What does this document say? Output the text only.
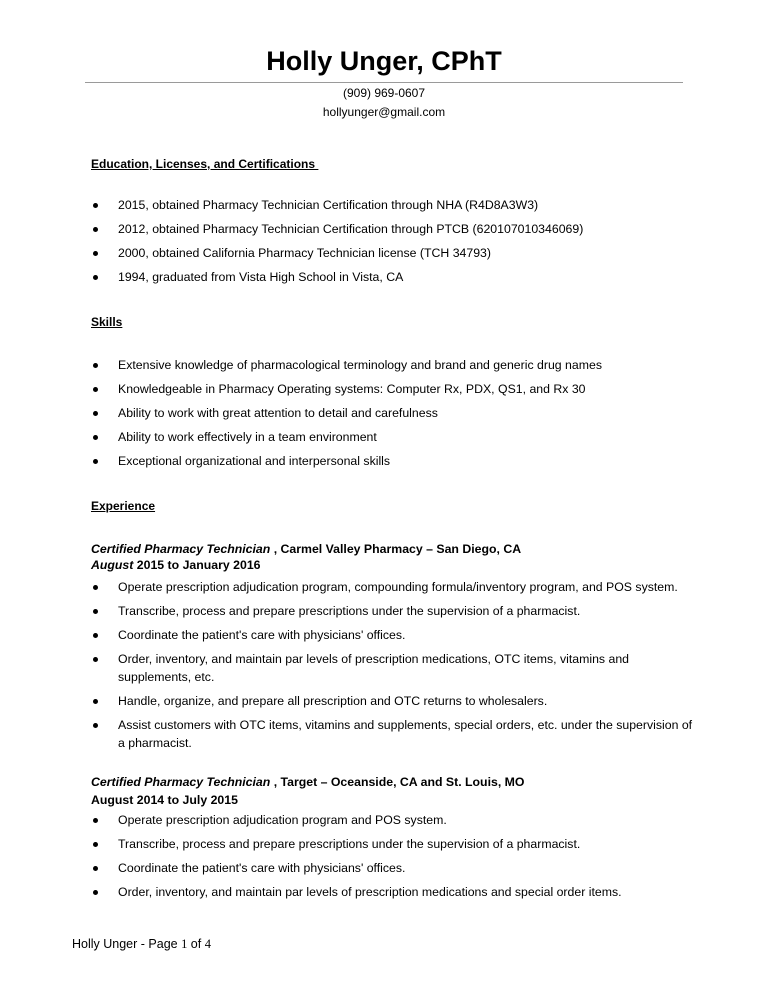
Holly Unger, CPhT
(909) 969-0607
hollyunger@gmail.com
Education, Licenses, and Certifications
2015, obtained Pharmacy Technician Certification through NHA (R4D8A3W3)
2012, obtained Pharmacy Technician Certification through PTCB (620107010346069)
2000, obtained California Pharmacy Technician license (TCH 34793)
1994, graduated from Vista High School in Vista, CA
Skills
Extensive knowledge of pharmacological terminology and brand and generic drug names
Knowledgeable in Pharmacy Operating systems: Computer Rx, PDX, QS1, and Rx 30
Ability to work with great attention to detail and carefulness
Ability to work effectively in a team environment
Exceptional organizational and interpersonal skills
Experience
Certified Pharmacy Technician , Carmel Valley Pharmacy – San Diego, CA
August 2015 to January 2016
Operate prescription adjudication program, compounding formula/inventory program, and POS system.
Transcribe, process and prepare prescriptions under the supervision of a pharmacist.
Coordinate the patient's care with physicians' offices.
Order, inventory, and maintain par levels of prescription medications, OTC items, vitamins and supplements, etc.
Handle, organize, and prepare all prescription and OTC returns to wholesalers.
Assist customers with OTC items, vitamins and supplements, special orders, etc. under the supervision of a pharmacist.
Certified Pharmacy Technician , Target – Oceanside, CA and St. Louis, MO
August 2014 to July 2015
Operate prescription adjudication program and POS system.
Transcribe, process and prepare prescriptions under the supervision of a pharmacist.
Coordinate the patient's care with physicians' offices.
Order, inventory, and maintain par levels of prescription medications and special order items.
Holly Unger - Page 1 of 4
